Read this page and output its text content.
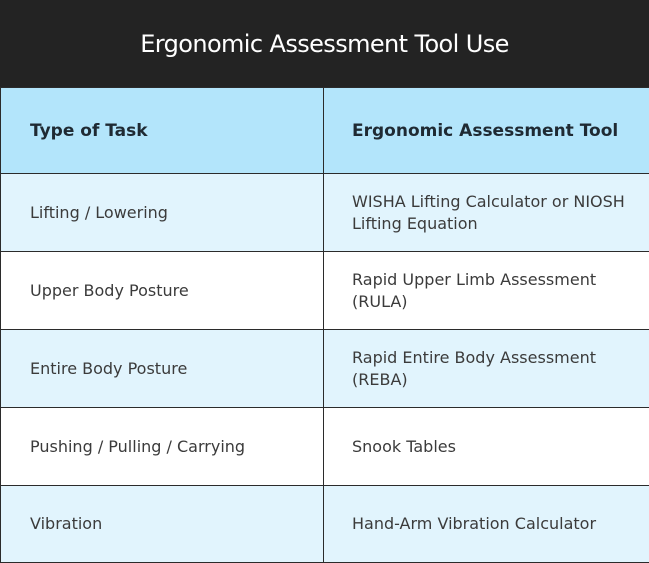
Ergonomic Assessment Tool Use
Type of Task	Ergonomic Assessment Tool
Lifting / Lowering	WISHA Lifting Calculator or NIOSH Lifting Equation
Upper Body Posture	Rapid Upper Limb Assessment (RULA)
Entire Body Posture	Rapid Entire Body Assessment (REBA)
Pushing / Pulling / Carrying	Snook Tables
Vibration	Hand-Arm Vibration Calculator
